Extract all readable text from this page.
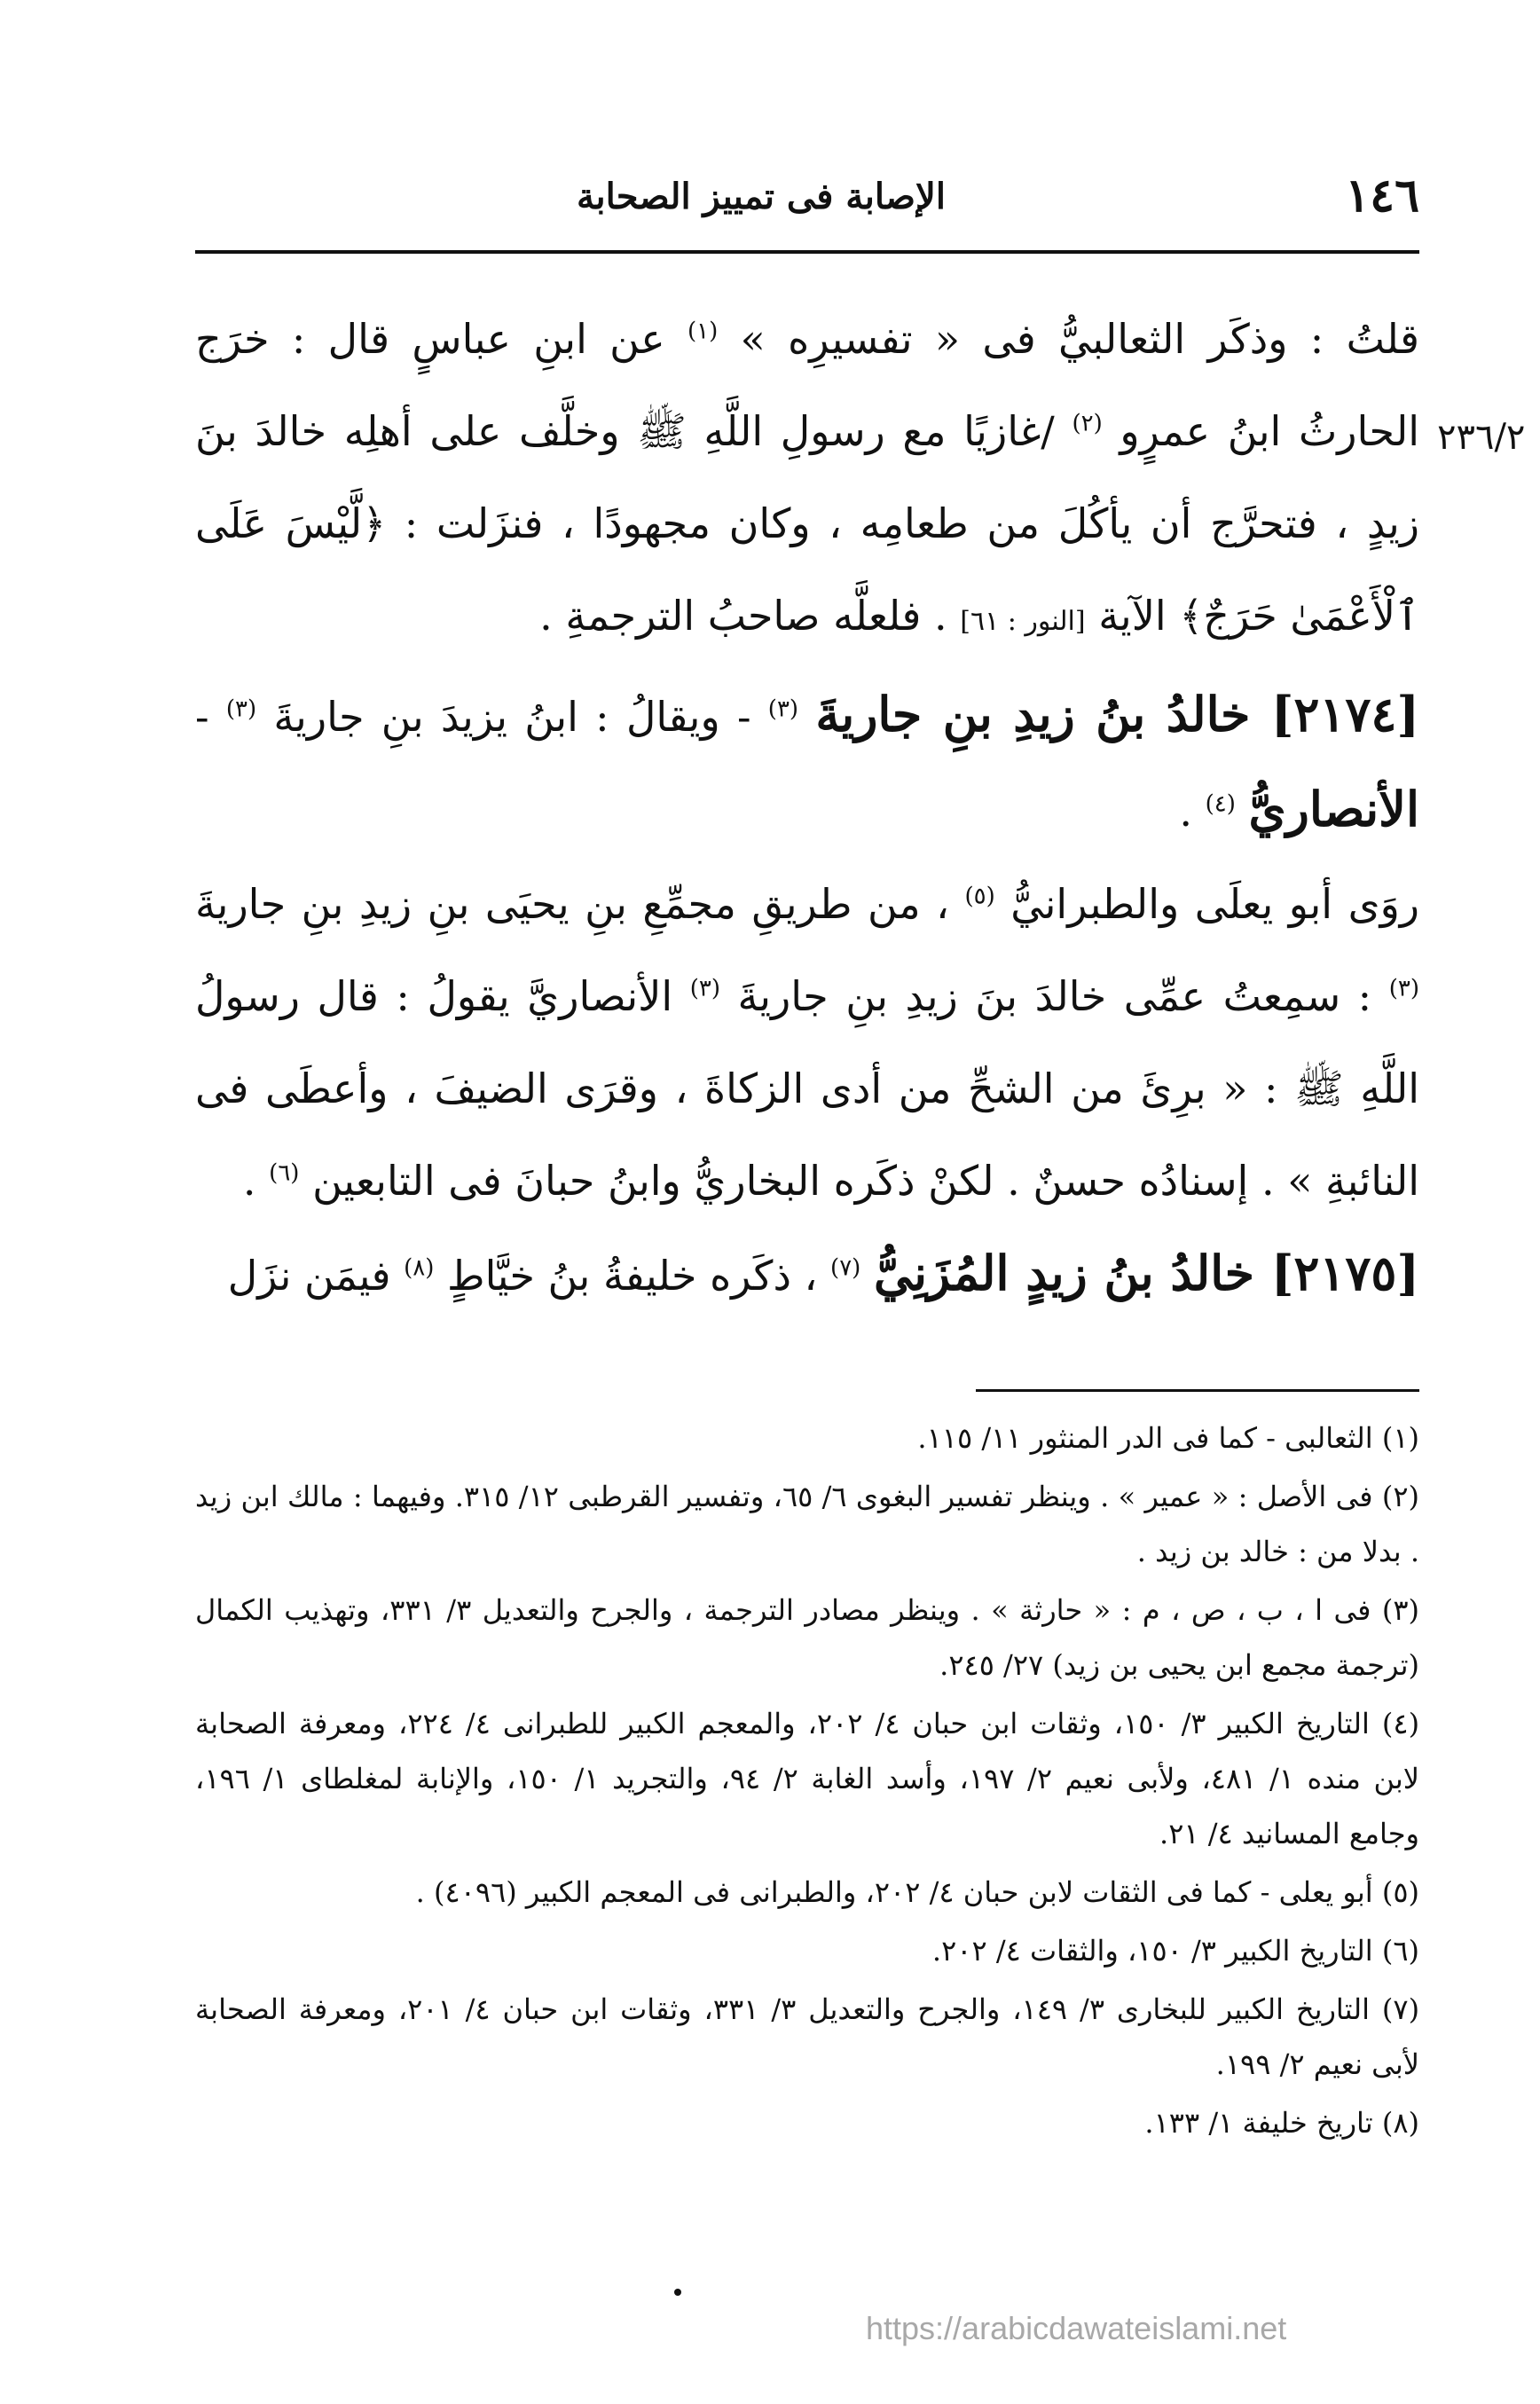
الإصابة فى تمييز الصحابة	١٤٦
٢٣٦/٢

قلتُ : وذكَر الثعالبيُّ فى « تفسيرِه » $^{(١)}$ عن ابنِ عباسٍ قال : خرَج الحارثُ ابنُ عمرٍو $^{(٢)}$ /غازيًا مع رسولِ اللَّهِ ﷺ وخلَّف على أهلِه خالدَ بنَ زيدٍ ، فتحرَّج أن يأكُلَ من طعامِه ، وكان مجهودًا ، فنزَلت : ﴿لَّيْسَ عَلَى ٱلْأَعْمَىٰ حَرَجٌ﴾ الآية [النور : ٦١] . فلعلَّه صاحبُ الترجمةِ .

[٢١٧٤] خالدُ بنُ زيدِ بنِ جاريةَ $^{(٣)}$ - ويقالُ : ابنُ يزيدَ بنِ جاريةَ $^{(٣)}$ - الأنصاريُّ $^{(٤)}$ .

روَى أبو يعلَى والطبرانيُّ $^{(٥)}$ ، من طريقِ مجمِّعِ بنِ يحيَى بنِ زيدِ بنِ جاريةَ $^{(٣)}$ : سمِعتُ عمِّى خالدَ بنَ زيدِ بنِ جاريةَ $^{(٣)}$ الأنصاريَّ يقولُ : قال رسولُ اللَّهِ ﷺ : « برِئَ من الشحِّ من أدى الزكاةَ ، وقرَى الضيفَ ، وأعطَى فى النائبةِ » . إسنادُه حسنٌ . لكنْ ذكَره البخاريُّ وابنُ حبانَ فى التابعين $^{(٦)}$ .

[٢١٧٥] خالدُ بنُ زيدٍ المُزَنِيُّ $^{(٧)}$ ، ذكَره خليفةُ بنُ خيَّاطٍ $^{(٨)}$ فيمَن نزَل

(١) الثعالبى - كما فى الدر المنثور ١١/ ١١٥.

(٢) فى الأصل : « عمير » . وينظر تفسير البغوى ٦/ ٦٥، وتفسير القرطبى ١٢/ ٣١٥. وفيهما : مالك ابن زيد . بدلا من : خالد بن زيد .

(٣) فى ا ، ب ، ص ، م : « حارثة » . وينظر مصادر الترجمة ، والجرح والتعديل ٣/ ٣٣١، وتهذيب الكمال (ترجمة مجمع ابن يحيى بن زيد) ٢٧/ ٢٤٥.

(٤) التاريخ الكبير ٣/ ١٥٠، وثقات ابن حبان ٤/ ٢٠٢، والمعجم الكبير للطبرانى ٤/ ٢٢٤، ومعرفة الصحابة لابن منده ١/ ٤٨١، ولأبى نعيم ٢/ ١٩٧، وأسد الغابة ٢/ ٩٤، والتجريد ١/ ١٥٠، والإنابة لمغلطاى ١/ ١٩٦، وجامع المسانيد ٤/ ٢١.

(٥) أبو يعلى - كما فى الثقات لابن حبان ٤/ ٢٠٢، والطبرانى فى المعجم الكبير (٤٠٩٦) .

(٦) التاريخ الكبير ٣/ ١٥٠، والثقات ٤/ ٢٠٢.

(٧) التاريخ الكبير للبخارى ٣/ ١٤٩، والجرح والتعديل ٣/ ٣٣١، وثقات ابن حبان ٤/ ٢٠١، ومعرفة الصحابة لأبى نعيم ٢/ ١٩٩.

(٨) تاريخ خليفة ١/ ١٣٣.

https://arabicdawateislami.net
